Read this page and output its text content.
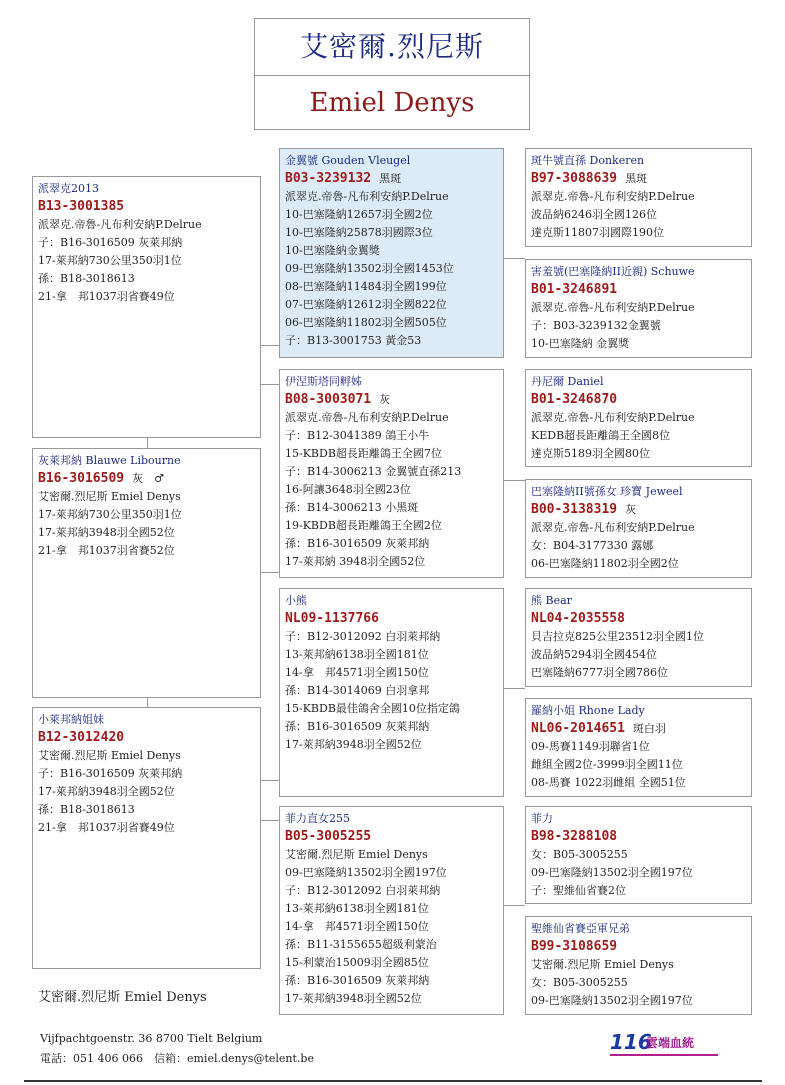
艾密爾.烈尼斯
Emiel Denys
派翠克2013
B13-3001385
派翠克.帝魯-凡布利安納P.Delrue
子：B16-3016509 灰萊邦納
17-萊邦納730公里350羽1位
孫：B18-3018613
21-拿　邦1037羽省賽49位
灰萊邦納 Blauwe Libourne
B16-3016509 灰　♂
艾密爾.烈尼斯 Emiel Denys
17-萊邦納730公里350羽1位
17-萊邦納3948羽全國52位
21-拿　邦1037羽省賽52位
小萊邦納姐妹
B12-3012420
艾密爾.烈尼斯 Emiel Denys
子：B16-3016509 灰萊邦納
17-萊邦納3948羽全國52位
孫：B18-3018613
21-拿　邦1037羽省賽49位
金翼號 Gouden Vleugel
B03-3239132 黑斑
派翠克.帝魯-凡布利安納P.Delrue
10-巴塞隆納12657羽全國2位
10-巴塞隆納25878羽國際3位
10-巴塞隆納金翼獎
09-巴塞隆納13502羽全國1453位
08-巴塞隆納11484羽全國199位
07-巴塞隆納12612羽全國822位
06-巴塞隆納11802羽全國505位
子：B13-3001753 黃金53
伊涅斯塔同孵姊
B08-3003071 灰
派翠克.帝魯-凡布利安納P.Delrue
子：B12-3041389 鴿王小牛
15-KBDB超長距離鴿王全國7位
子：B14-3006213 金翼號直孫213
16-阿讓3648羽全國23位
孫：B14-3006213 小黑斑
19-KBDB超長距離鴿王全國2位
孫：B16-3016509 灰萊邦納
17-萊邦納 3948羽全國52位
小熊
NL09-1137766
子：B12-3012092 白羽萊邦納
13-萊邦納6138羽全國181位
14-拿　邦4571羽全國150位
孫：B14-3014069 白羽拿邦
15-KBDB最佳鴿舍全國10位指定鴿
孫：B16-3016509 灰萊邦納
17-萊邦納3948羽全國52位
菲力直女255
B05-3005255
艾密爾.烈尼斯 Emiel Denys
09-巴塞隆納13502羽全國197位
子：B12-3012092 白羽萊邦納
13-萊邦納6138羽全國181位
14-拿　邦4571羽全國150位
孫：B11-3155655超級利蒙治
15-利蒙治15009羽全國85位
孫：B16-3016509 灰萊邦納
17-萊邦納3948羽全國52位
斑牛號直孫 Donkeren
B97-3088639 黑斑
派翠克.帝魯-凡布利安納P.Delrue
波品納6246羽全國126位
達克斯11807羽國際190位
害羞號(巴塞隆納II近親) Schuwe
B01-3246891
派翠克.帝魯-凡布利安納P.Delrue
子：B03-3239132金翼號
10-巴塞隆納 金翼獎
丹尼爾 Daniel
B01-3246870
派翠克.帝魯-凡布利安納P.Delrue
KEDB超長距離鴿王全國8位
達克斯5189羽全國80位
巴塞隆納II號孫女 珍寶 Jeweel
B00-3138319 灰
派翠克.帝魯-凡布利安納P.Delrue
女：B04-3177330 露娜
06-巴塞隆納11802羽全國2位
熊 Bear
NL04-2035558
貝吉拉克825公里23512羽全國1位
波品納5294羽全國454位
巴塞隆納6777羽全國786位
羅納小姐 Rhone Lady
NL06-2014651 斑白羽
09-馬賽1149羽聯省1位
雌組全國2位-3999羽全國11位
08-馬賽 1022羽雌組 全國51位
菲力
B98-3288108
女：B05-3005255
09-巴塞隆納13502羽全國197位
子：聖維仙省賽2位
聖維仙省賽亞軍兄弟
B99-3108659
艾密爾.烈尼斯 Emiel Denys
女：B05-3005255
09-巴塞隆納13502羽全國197位
艾密爾.烈尼斯 Emiel Denys
Vijfpachtgoenstr. 36 8700 Tielt Belgium
電話：051 406 066　信箱：emiel.denys@telent.be
116
雲端血統
